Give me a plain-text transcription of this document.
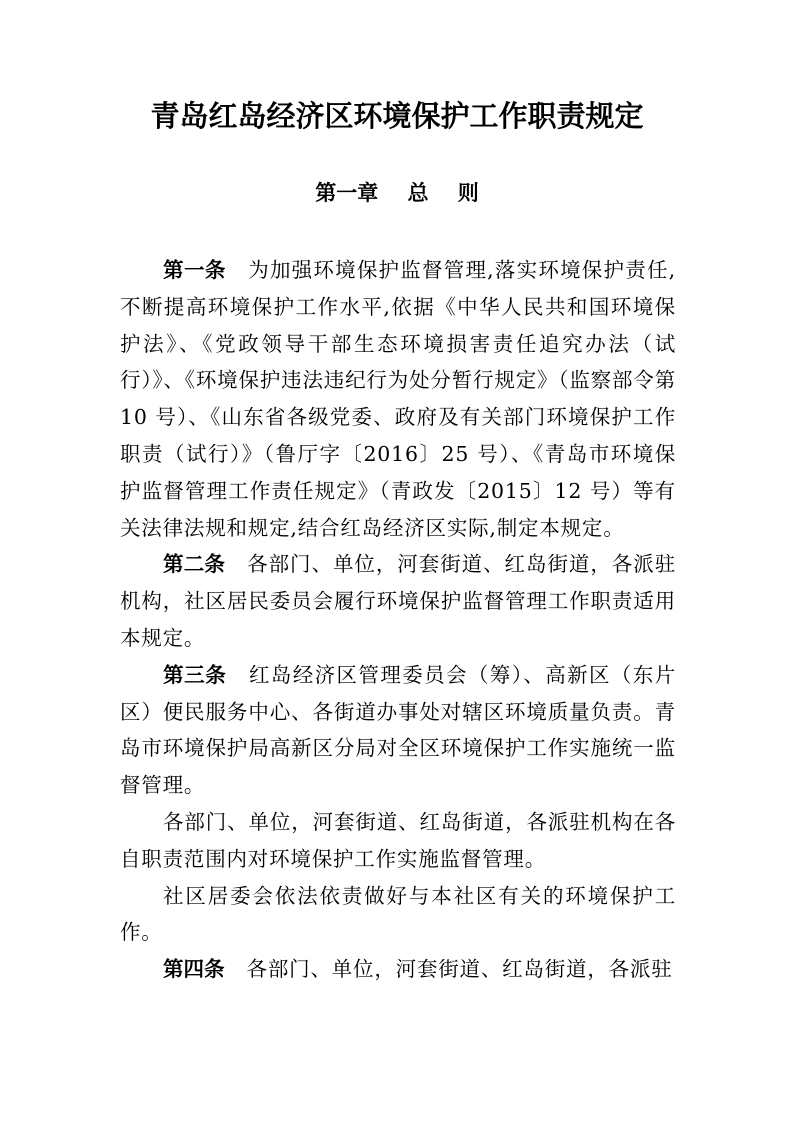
青岛红岛经济区环境保护工作职责规定
第一章    总    则

第一条 为加强环境保护监督管理,落实环境保护责任,不断提高环境保护工作水平,依据《中华人民共和国环境保护法》、《党政领导干部生态环境损害责任追究办法（试行）》、《环境保护违法违纪行为处分暂行规定》（监察部令第 10 号）、《山东省各级党委、政府及有关部门环境保护工作职责（试行）》（鲁厅字〔2016〕25 号）、《青岛市环境保护监督管理工作责任规定》（青政发〔2015〕12 号）等有关法律法规和规定,结合红岛经济区实际,制定本规定。

第二条 各部门、单位，河套街道、红岛街道，各派驻机构，社区居民委员会履行环境保护监督管理工作职责适用本规定。

第三条 红岛经济区管理委员会（筹）、高新区（东片区）便民服务中心、各街道办事处对辖区环境质量负责。青岛市环境保护局高新区分局对全区环境保护工作实施统一监督管理。

各部门、单位，河套街道、红岛街道，各派驻机构在各自职责范围内对环境保护工作实施监督管理。

社区居委会依法依责做好与本社区有关的环境保护工作。

第四条 各部门、单位，河套街道、红岛街道，各派驻
